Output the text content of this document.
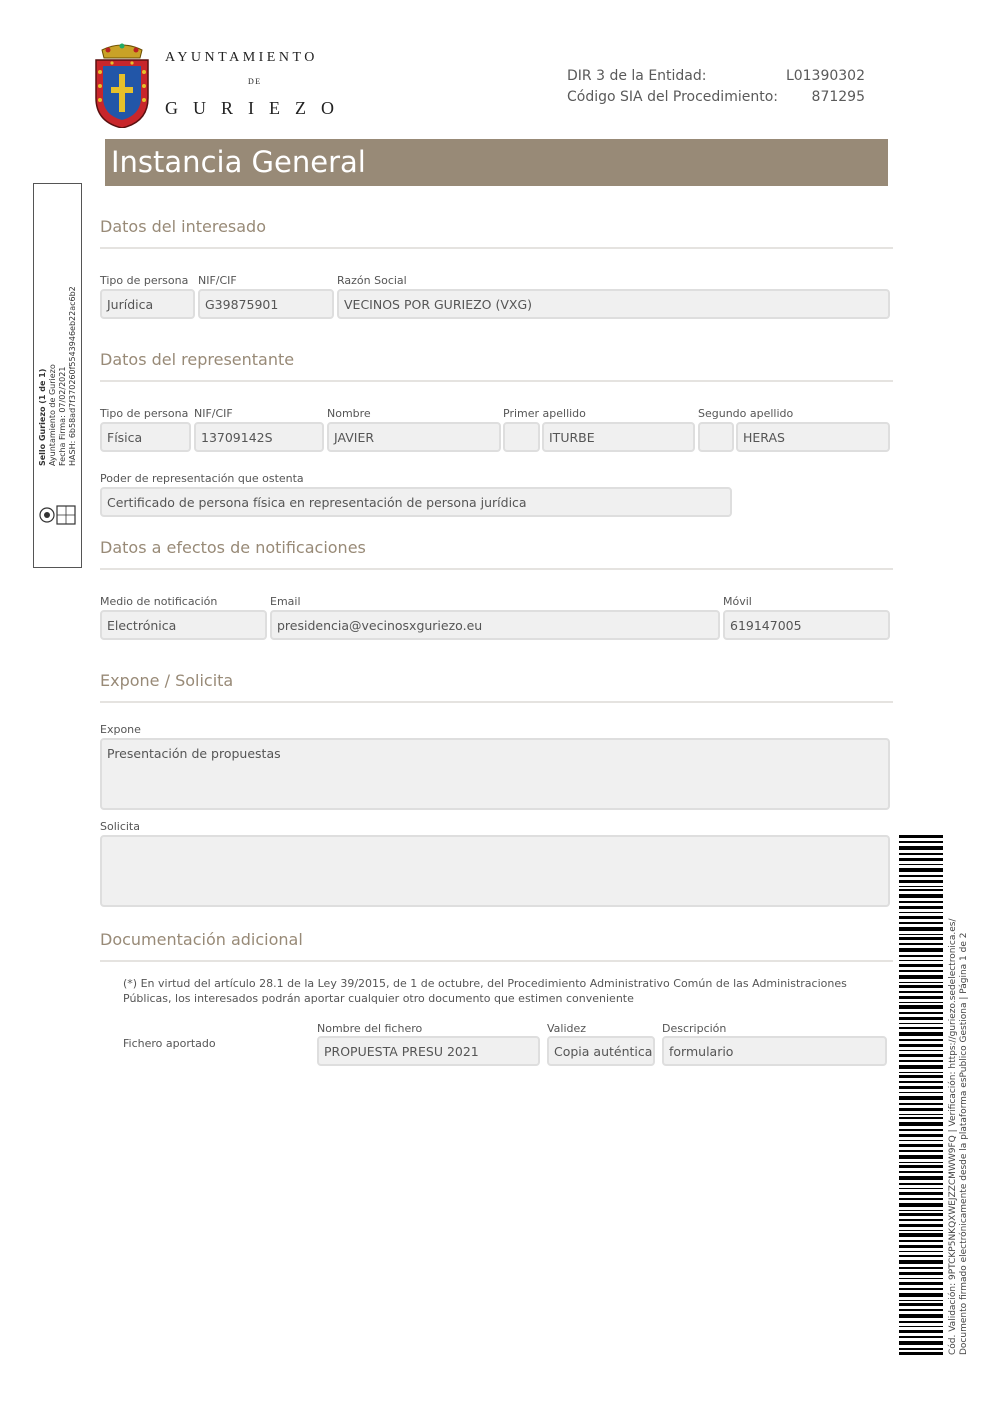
AYUNTAMIENTO
DE
GURIEZO
DIR 3 de la Entidad:	L01390302
Código SIA del Procedimiento: 871295
Instancia General
Datos del interesado
Tipo de persona
Jurídica
NIF/CIF
G39875901
Razón Social
VECINOS POR GURIEZO (VXG)
Datos del representante
Tipo de persona
Física
NIF/CIF
13709142S
Nombre
JAVIER
Primer apellido
ITURBE
Segundo apellido
HERAS
Poder de representación que ostenta
Certificado de persona física en representación de persona jurídica
Datos a efectos de notificaciones
Medio de notificación
Electrónica
Email
presidencia@vecinosxguriezo.eu
Móvil
619147005
Expone / Solicita
Expone
Presentación de propuestas
Solicita
Documentación adicional
(*) En virtud del artículo 28.1 de la Ley 39/2015, de 1 de octubre, del Procedimiento Administrativo Común de las Administraciones Públicas, los interesados podrán aportar cualquier otro documento que estimen conveniente
Fichero aportado
Nombre del fichero
PROPUESTA PRESU 2021
Validez
Copia auténtica
Descripción
formulario
Sello Guriezo (1 de 1) Ayuntamiento de Guriezo Fecha Firma: 07/02/2021 HASH: 6b58ad7f370260f5543946eb22ac6b2
Cód. Validación: 9PTCKP5NKQXWEJZZCMWW9FQ | Verificación: https://guriezo.sedelectronica.es/ Documento firmado electrónicamente desde la plataforma esPublico Gestiona | Página 1 de 2
